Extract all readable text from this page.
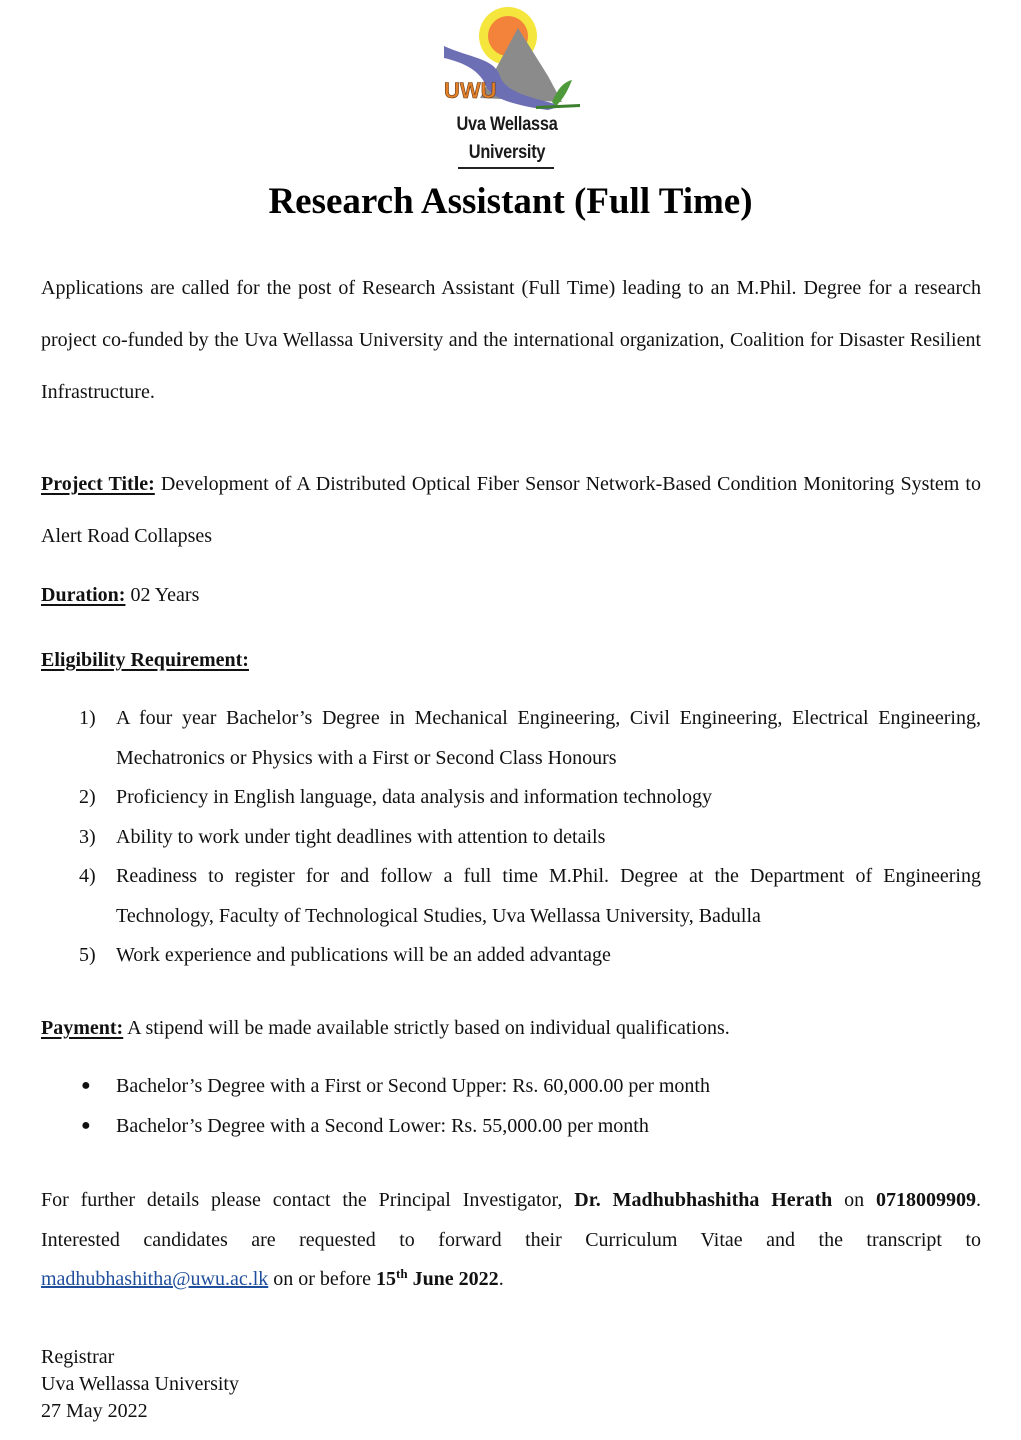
UWU
Uva Wellassa
University
Research Assistant (Full Time)

Applications are called for the post of Research Assistant (Full Time) leading to an M.Phil. Degree for a research project co-funded by the Uva Wellassa University and the international organization, Coalition for Disaster Resilient Infrastructure.

Project Title: Development of A Distributed Optical Fiber Sensor Network-Based Condition Monitoring System to Alert Road Collapses

Duration: 02 Years
Eligibility Requirement:
1) A four year Bachelor’s Degree in Mechanical Engineering, Civil Engineering, Electrical Engineering, Mechatronics or Physics with a First or Second Class Honours
2) Proficiency in English language, data analysis and information technology
3) Ability to work under tight deadlines with attention to details
4) Readiness to register for and follow a full time M.Phil. Degree at the Department of Engineering Technology, Faculty of Technological Studies, Uva Wellassa University, Badulla
5) Work experience and publications will be an added advantage
Payment: A stipend will be made available strictly based on individual qualifications.
● Bachelor’s Degree with a First or Second Upper: Rs. 60,000.00 per month
● Bachelor’s Degree with a Second Lower: Rs. 55,000.00 per month

For further details please contact the Principal Investigator, Dr. Madhubhashitha Herath on 0718009909. Interested candidates are requested to forward their Curriculum Vitae and the transcript to madhubhashitha@uwu.ac.lk on or before 15th June 2022.

Registrar
Uva Wellassa University
27 May 2022
